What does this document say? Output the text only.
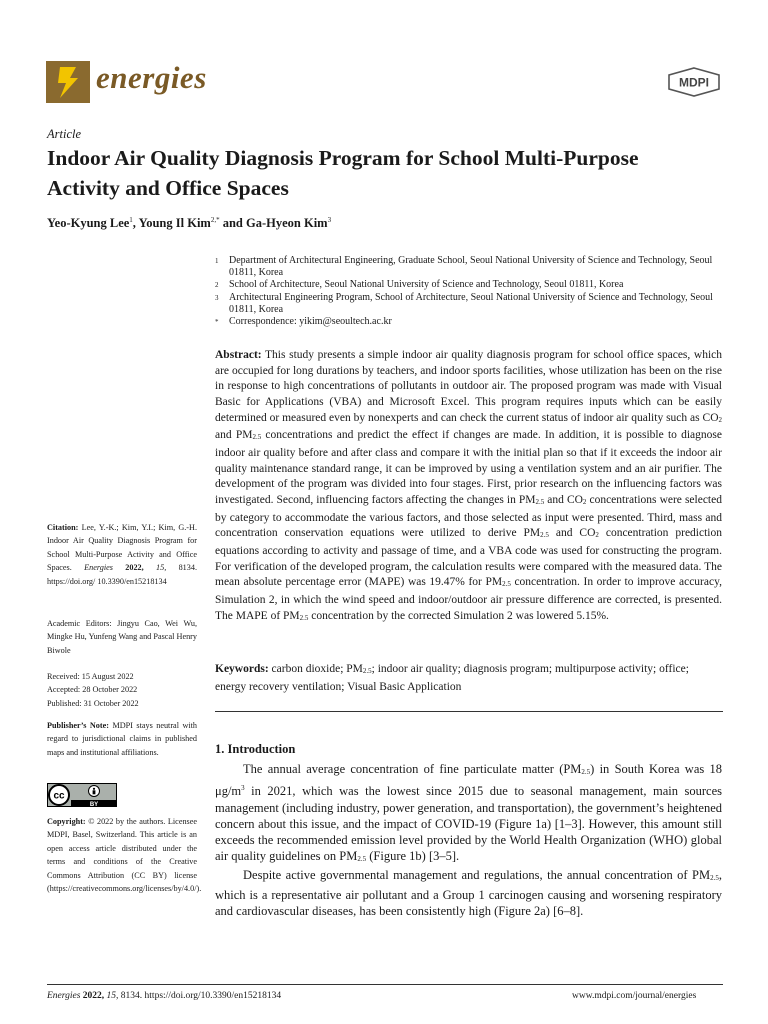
energies	MDPI
Article
Indoor Air Quality Diagnosis Program for School Multi-Purpose Activity and Office Spaces
Yeo-Kyung Lee$^1$, Young Il Kim$^{2,*}$ and Ga-Hyeon Kim$^3$
1	Department of Architectural Engineering, Graduate School, Seoul National University of Science and Technology, Seoul 01811, Korea
2	School of Architecture, Seoul National University of Science and Technology, Seoul 01811, Korea
3	Architectural Engineering Program, School of Architecture, Seoul National University of Science and Technology, Seoul 01811, Korea
*	Correspondence: yikim@seoultech.ac.kr
Abstract: This study presents a simple indoor air quality diagnosis program for school office spaces, which are occupied for long durations by teachers, and indoor sports facilities, whose utilization has been on the rise in response to high concentrations of pollutants in outdoor air. The proposed program was made with Visual Basic for Applications (VBA) and Microsoft Excel. This program requires inputs which can be easily determined or measured even by nonexperts and can check the current status of indoor air quality such as $CO_2$ and $PM_{2.5}$ concentrations and predict the effect if changes are made. In addition, it is possible to diagnose indoor air quality before and after class and compare it with the initial plan so that if it exceeds the indoor air quality maintenance standard range, it can be improved by using a ventilation system and an air purifier. The development of the program was divided into four stages. First, prior research on the influencing factors was investigated. Second, influencing factors affecting the changes in $PM_{2.5}$ and $CO_2$ concentrations were selected by category to accommodate the various factors, and those selected as input were presented. Third, mass and concentration conservation equations were utilized to derive $PM_{2.5}$ and $CO_2$ concentration prediction equations according to activity and passage of time, and a VBA code was used for constructing the program. For verification of the developed program, the calculation results were compared with the measured data. The mean absolute percentage error (MAPE) was 19.47% for $PM_{2.5}$ concentration. In order to improve accuracy, Simulation 2, in which the wind speed and indoor/outdoor air pressure difference are corrected, is presented. The MAPE of $PM_{2.5}$ concentration by the corrected Simulation 2 was lowered 5.15%.
Keywords: carbon dioxide; $PM_{2.5}$; indoor air quality; diagnosis program; multipurpose activity; office; energy recovery ventilation; Visual Basic Application
Citation: Lee, Y.-K.; Kim, Y.I.; Kim, G.-H. Indoor Air Quality Diagnosis Program for School Multi-Purpose Activity and Office Spaces. Energies 2022, 15, 8134. https://doi.org/ 10.3390/en15218134
Academic Editors: Jingyu Cao, Wei Wu, Mingke Hu, Yunfeng Wang and Pascal Henry Biwole
Received: 15 August 2022
Accepted: 28 October 2022
Published: 31 October 2022
Publisher’s Note: MDPI stays neutral with regard to jurisdictional claims in published maps and institutional affiliations.
cc
BY
Copyright: © 2022 by the authors. Licensee MDPI, Basel, Switzerland. This article is an open access article distributed under the terms and conditions of the Creative Commons Attribution (CC BY) license (https://creativecommons.org/licenses/by/4.0/).
1. Introduction

The annual average concentration of fine particulate matter $(PM_{2.5})$ in South Korea was 18 $\mu g/m^3$ in 2021, which was the lowest since 2015 due to seasonal management, main sources management (including industry, power generation, and transportation), the government’s heightened concern about this issue, and the impact of COVID-19 (Figure 1a) [1–3]. However, this amount still exceeds the recommended emission level provided by the World Health Organization (WHO) global air quality guidelines on $PM_{2.5}$ (Figure 1b) [3–5].

Despite active governmental management and regulations, the annual concentration of $PM_{2.5}$, which is a representative air pollutant and a Group 1 carcinogen causing and worsening respiratory and cardiovascular diseases, has been consistently high (Figure 2a) [6–8].

Energies 2022, 15, 8134. https://doi.org/10.3390/en15218134	www.mdpi.com/journal/energies
